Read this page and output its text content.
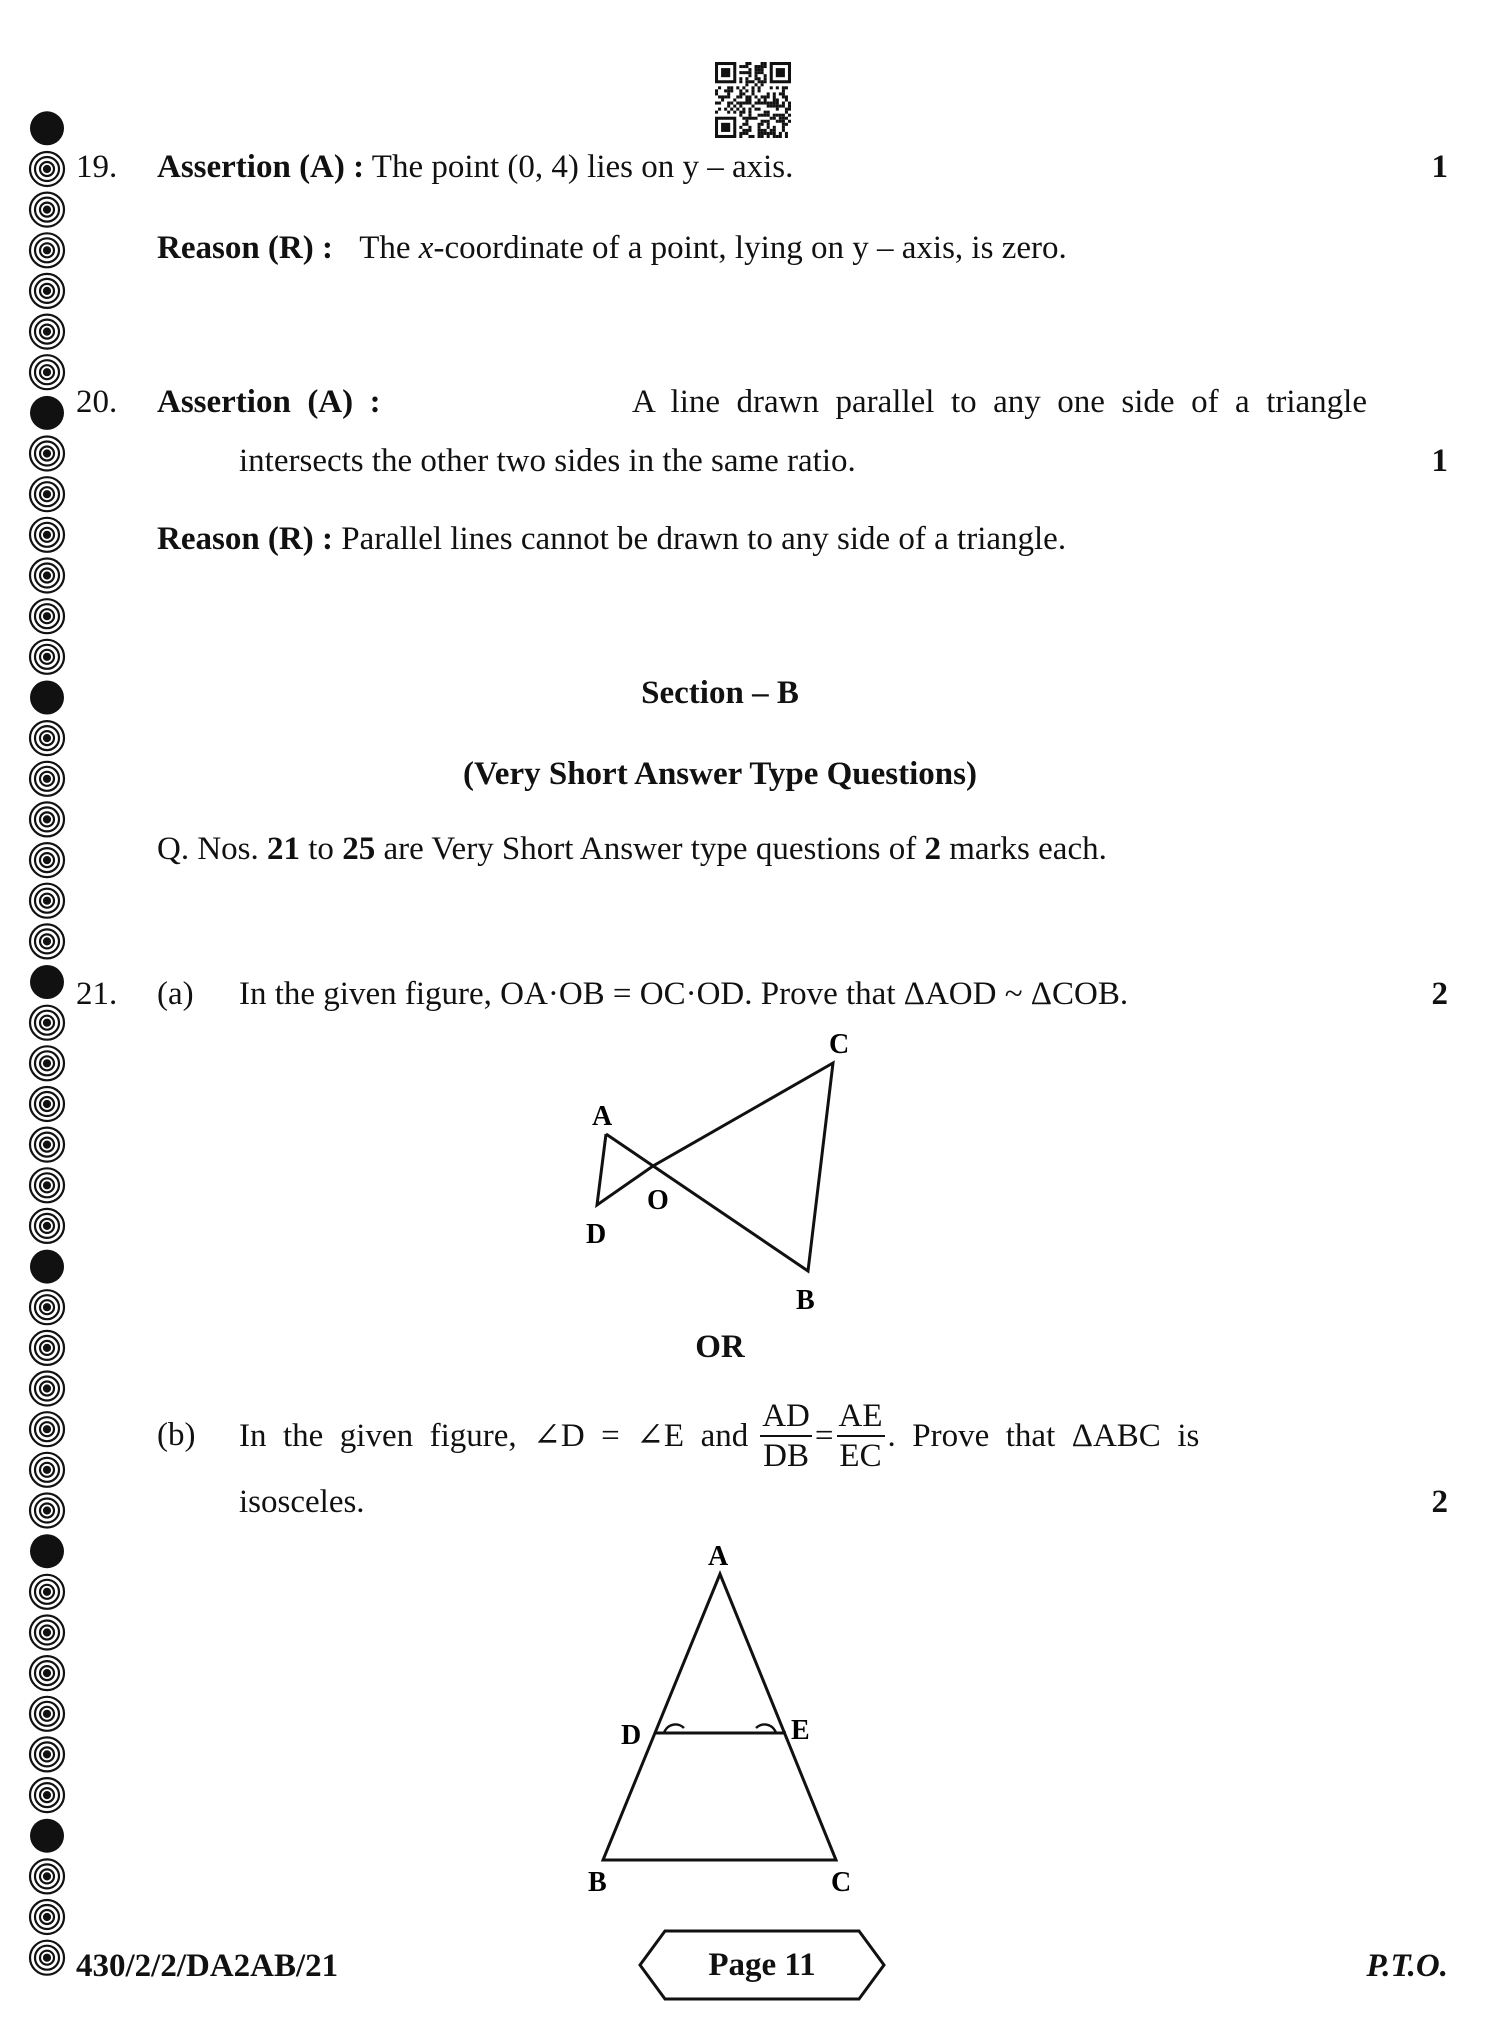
19. Assertion (A) : The point (0, 4) lies on y – axis.	1
Reason (R) : The x-coordinate of a point, lying on y – axis, is zero.
20. Assertion  (A)  :	A  line  drawn  parallel  to  any  one  side  of  a  triangle
intersects the other two sides in the same ratio.	1
Reason (R) : Parallel lines cannot be drawn to any side of a triangle.
Section – B
(Very Short Answer Type Questions)
Q. Nos. 21 to 25 are Very Short Answer type questions of 2 marks each.
21. (a) In the given figure, OA·OB = OC·OD. Prove that ΔAOD ~ ΔCOB.	2
A
C
D
O
B
OR
(b) In  the  given  figure,  ∠D  =  ∠E  and $\frac{AD}{DB} = \frac{AE}{EC}$ .  Prove  that  ΔABC  is
isosceles.	2
A
D	E
B	C
430/2/2/DA2AB/21	Page 11	P.T.O.
